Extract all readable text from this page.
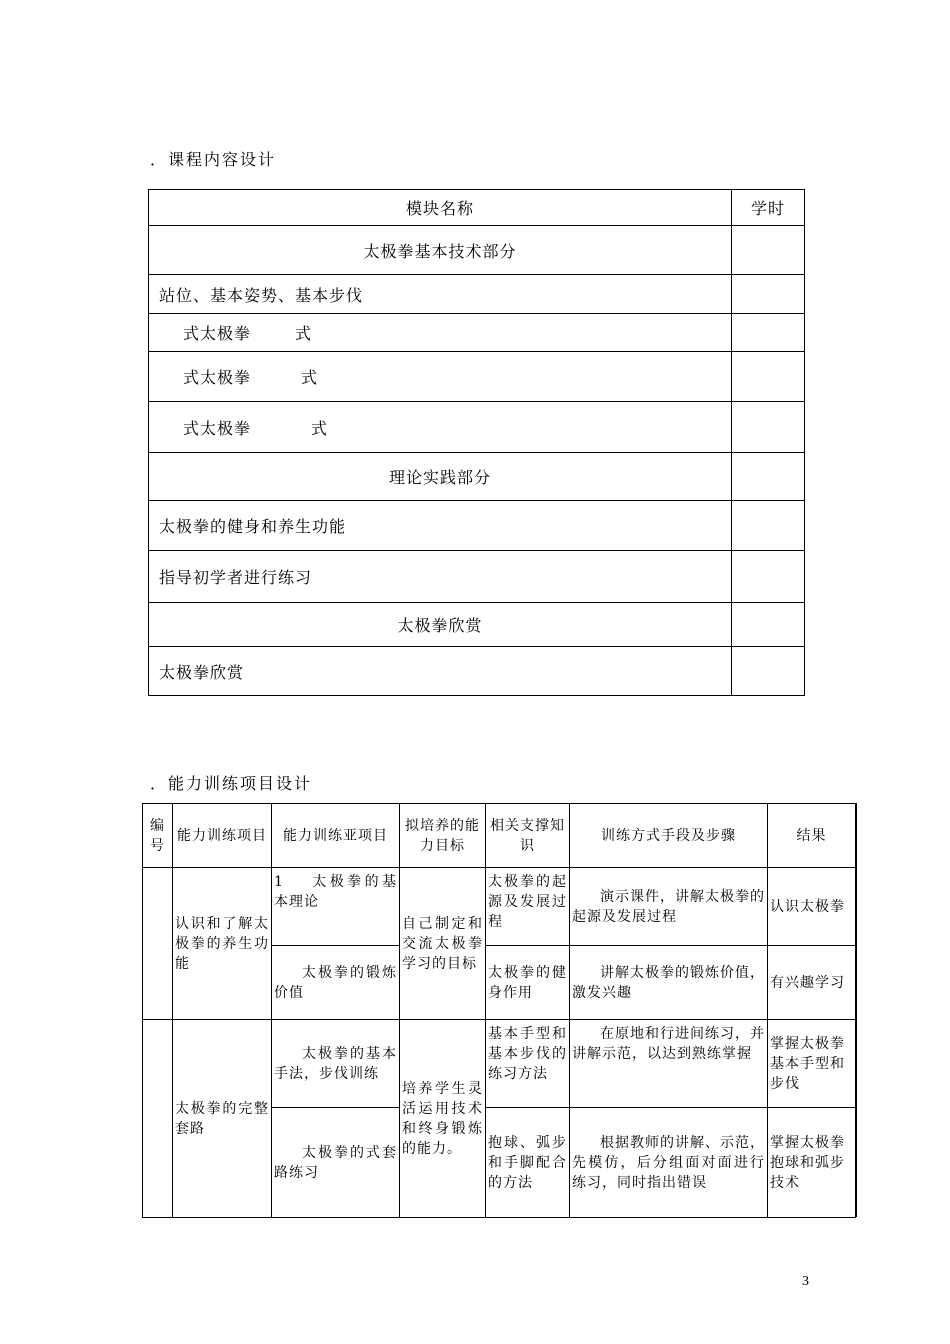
．课程内容设计
模块名称	学时
太极拳基本技术部分	
站位、基本姿势、基本步伐	
式太极拳 式	
式太极拳 式	
式太极拳 式	
理论实践部分	
太极拳的健身和养生功能	
指导初学者进行练习	
太极拳欣赏	
太极拳欣赏	
．能力训练项目设计
编号	能力训练项目	能力训练亚项目	拟培养的能力目标	相关支撑知识	训练方式手段及步骤	结果
	认识和了解太极拳的养生功能	1 太极拳的基本理论	自己制定和交流太极拳学习的目标	太极拳的起源及发展过程	演示课件，讲解太极拳的起源及发展过程	认识太极拳
		太极拳的锻炼价值		太极拳的健身作用	讲解太极拳的锻炼价值，激发兴趣	有兴趣学习
	太极拳的完整套路	太极拳的基本手法，步伐训练	培养学生灵活运用技术和终身锻炼的能力。	基本手型和基本步伐的练习方法	在原地和行进间练习，并讲解示范，以达到熟练掌握	掌握太极拳基本手型和步伐
		太极拳的式套路练习		抱球、弧步和手脚配合的方法	根据教师的讲解、示范，先模仿，后分组面对面进行练习，同时指出错误	掌握太极拳抱球和弧步技术
3
